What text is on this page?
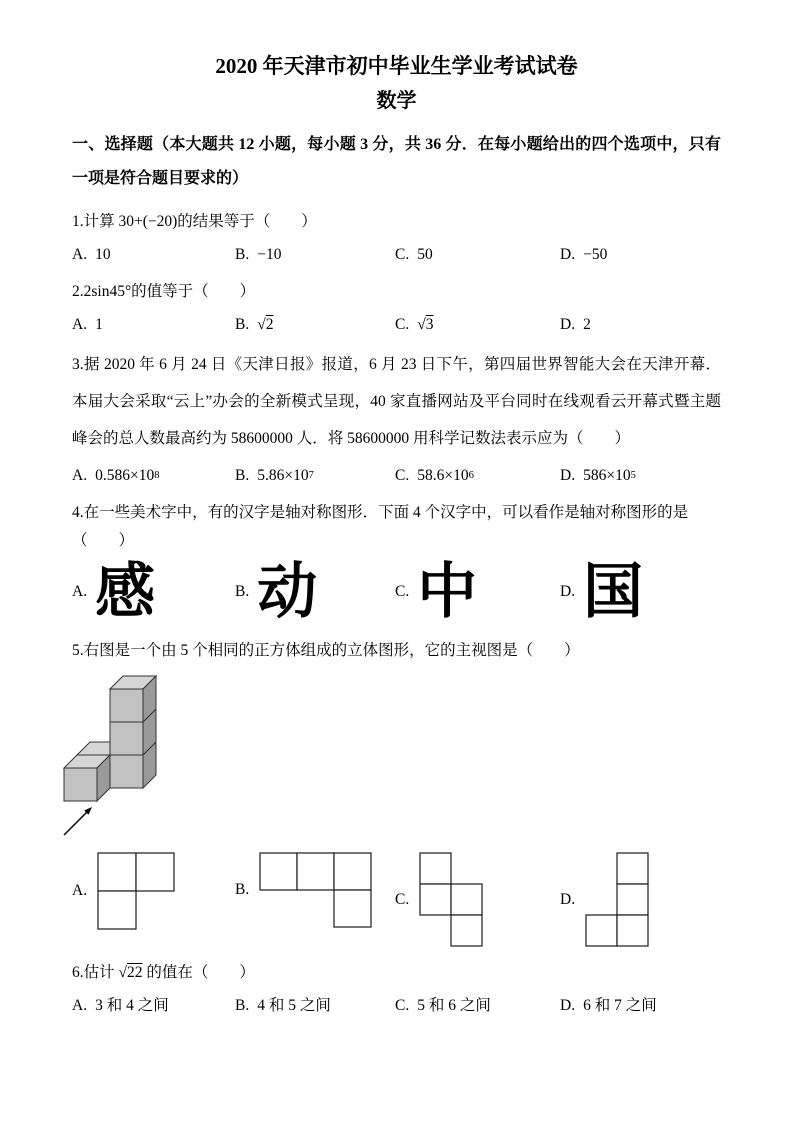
2020 年天津市初中毕业生学业考试试卷
数学
一、选择题（本大题共 12 小题，每小题 3 分，共 36 分．在每小题给出的四个选项中，只有一项是符合题目要求的）
1.计算 30+(−20)的结果等于（　　）
A. 10	B. −10	C. 50	D. −50
2.2sin45°的值等于（　　）
A. 1	B. √ 2	C. √ 3	D. 2
3.据 2020 年 6 月 24 日《天津日报》报道，6 月 23 日下午，第四届世界智能大会在天津开幕．本届大会采取“云上”办会的全新模式呈现，40 家直播网站及平台同时在线观看云开幕式暨主题峰会的总人数最高约为 58600000 人．将 58600000 用科学记数法表示应为（　　）
A. 0.586×10 8	B. 5.86×10 7	C. 58.6×10 6	D. 586×10 5
4.在一些美术字中，有的汉字是轴对称图形．下面 4 个汉字中，可以看作是轴对称图形的是（　　）
A. 感	B. 动	C. 中	D. 国
5.右图是一个由 5 个相同的正方体组成的立体图形，它的主视图是（　　）
A.	B.
C.	D.
6.估计 √22 的值在（　　）
A. 3 和 4 之间	B. 4 和 5 之间	C. 5 和 6 之间	D. 6 和 7 之间
